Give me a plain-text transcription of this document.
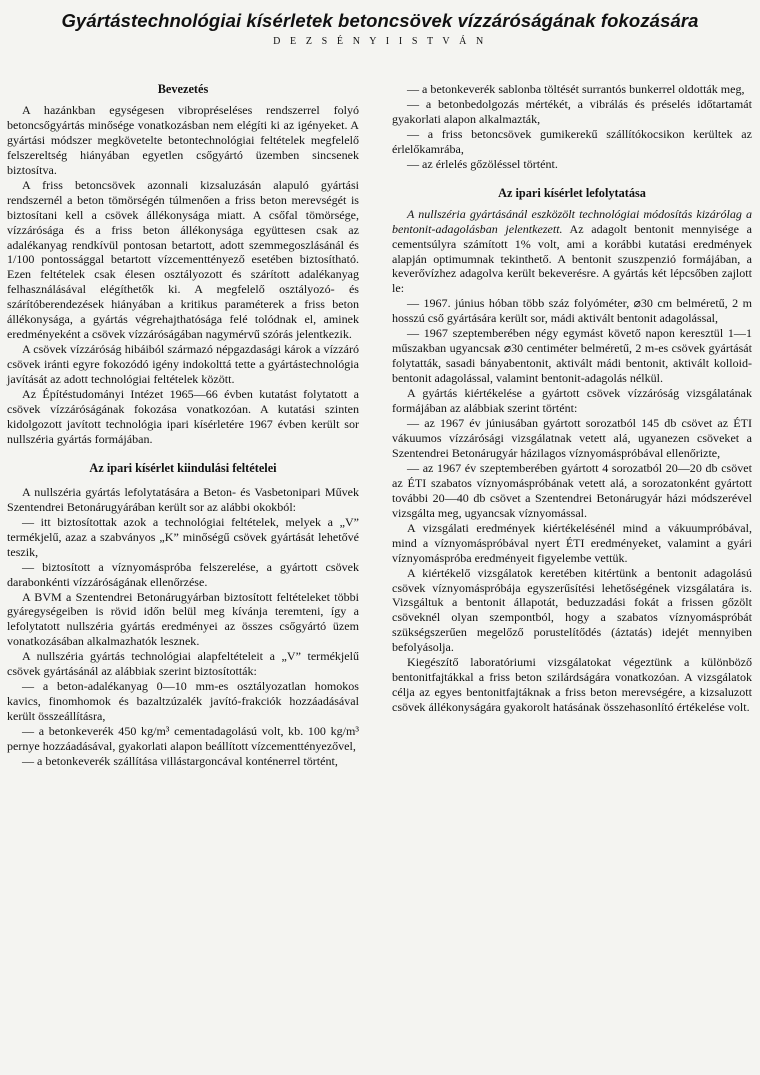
Gyártástechnológiai kísérletek betoncsövek vízzáróságának fokozására
D E Z S É N Y I I S T V Á N
Bevezetés

A hazánkban egységesen vibropréseléses rendszerrel folyó betoncsőgyártás minősége vonatkozásban nem elégíti ki az igényeket. A gyártási módszer megkövetelte betontechnológiai feltételek megfelelő felszereltség hiányában egyetlen csőgyártó üzemben sincsenek biztosítva.

A friss betoncsövek azonnali kizsaluzásán alapuló gyártási rendszernél a beton tömörségén túlmenően a friss beton merevségét is biztosítani kell a csövek állékonysága miatt. A csőfal tömörsége, vízzárósága és a friss beton állékonysága együttesen csak az adalékanyag rendkívül pontosan betartott, adott szemmegoszlásánál és 1/100 pontossággal betartott vízcementtényező esetében biztosítható. Ezen feltételek csak élesen osztályozott és szárított adalékanyag felhasználásával elégíthetők ki. A megfelelő osztályozó- és szárítóberendezések hiányában a kritikus paraméterek a friss beton állékonysága, a gyártás végrehajthatósága felé tolódnak el, aminek eredményeként a csövek vízzáróságában nagymérvű szórás jelentkezik.

A csövek vízzáróság hibáiból származó népgazdasági károk a vízzáró csövek iránti egyre fokozódó igény indokolttá tette a gyártástechnológia javítását az adott technológiai feltételek között.

Az Építéstudományi Intézet 1965—66 évben kutatást folytatott a csövek vízzáróságának fokozása vonatkozóan. A kutatási szinten kidolgozott javított technológia ipari kísérletére 1967 évben került sor nullszéria gyártás formájában.

Az ipari kísérlet kiindulási feltételei

A nullszéria gyártás lefolytatására a Beton- és Vasbetonipari Művek Szentendrei Betonárugyárában került sor az alábbi okokból:

— itt biztosítottak azok a technológiai feltételek, melyek a „V” termékjelű, azaz a szabványos „K” minőségű csövek gyártását lehetővé teszik,

— biztosított a víznyomáspróba felszerelése, a gyártott csövek darabonkénti vízzáróságának ellenőrzése.

A BVM a Szentendrei Betonárugyárban biztosított feltételeket többi gyáregységeiben is rövid időn belül meg kívánja teremteni, így a lefolytatott nullszéria gyártás eredményei az összes csőgyártó üzem vonatkozásában alkalmazhatók lesznek.

A nullszéria gyártás technológiai alapfeltételeit a „V” termékjelű csövek gyártásánál az alábbiak szerint biztosították:

— a beton-adalékanyag 0—10 mm-es osztályozatlan homokos kavics, finomhomok és bazaltzúzalék javító-frakciók hozzáadásával került összeállításra,

— a betonkeverék 450 kg/m³ cementadagolású volt, kb. 100 kg/m³ pernye hozzáadásával, gyakorlati alapon beállított vízcementtényezővel,

— a betonkeverék szállítása villástargoncával konténerrel történt,

— a betonkeverék sablonba töltését surrantós bunkerrel oldották meg,

— a betonbedolgozás mértékét, a vibrálás és préselés időtartamát gyakorlati alapon alkalmazták,

— a friss betoncsövek gumikerekű szállítókocsikon kerültek az érlelőkamrába,

— az érlelés gőzöléssel történt.

Az ipari kísérlet lefolytatása

A nullszéria gyártásánál eszközölt technológiai módosítás kizárólag a bentonit-adagolásban jelentkezett. Az adagolt bentonit mennyisége a cementsúlyra számított 1% volt, ami a korábbi kutatási eredmények alapján optimumnak tekinthető. A bentonit szuszpenzió formájában, a keverővízhez adagolva került bekeverésre. A gyártás két lépcsőben zajlott le:

— 1967. június hóban több száz folyóméter, ⌀30 cm belméretű, 2 m hosszú cső gyártására került sor, mádi aktivált bentonit adagolással,

— 1967 szeptemberében négy egymást követő napon keresztül 1—1 műszakban ugyancsak ⌀30 centiméter belméretű, 2 m-es csövek gyártását folytatták, sasadi bányabentonit, aktivált mádi bentonit, aktivált kolloid-bentonit adagolással, valamint bentonit-adagolás nélkül.

A gyártás kiértékelése a gyártott csövek vízzáróság vizsgálatának formájában az alábbiak szerint történt:

— az 1967 év júniusában gyártott sorozatból 145 db csövet az ÉTI vákuumos vízzárósági vizsgálatnak vetett alá, ugyanezen csöveket a Szentendrei Betonárugyár házilagos víznyomáspróbával ellenőrizte,

— az 1967 év szeptemberében gyártott 4 sorozatból 20—20 db csövet az ÉTI szabatos víznyomáspróbának vetett alá, a sorozatonként gyártott további 20—40 db csövet a Szentendrei Betonárugyár házi módszerével vizsgálta meg, ugyancsak víznyomással.

A vizsgálati eredmények kiértékelésénél mind a vákuumpróbával, mind a víznyomáspróbával nyert ÉTI eredményeket, valamint a gyári víznyomáspróba eredményeit figyelembe vettük.

A kiértékelő vizsgálatok keretében kitértünk a bentonit adagolású csövek víznyomáspróbája egyszerűsítési lehetőségének vizsgálatára is. Vizsgáltuk a bentonit állapotát, beduzzadási fokát a frissen gőzölt csöveknél olyan szempontból, hogy a szabatos víznyomáspróbát szükségszerűen megelőző porustelítődés (áztatás) idejét mennyiben befolyásolja.

Kiegészítő laboratóriumi vizsgálatokat végeztünk a különböző bentonitfajtákkal a friss beton szilárdságára vonatkozóan. A vizsgálatok célja az egyes bentonitfajtáknak a friss beton merevségére, a kizsaluzott csövek állékonyságára gyakorolt hatásának összehasonlító értékelése volt.
